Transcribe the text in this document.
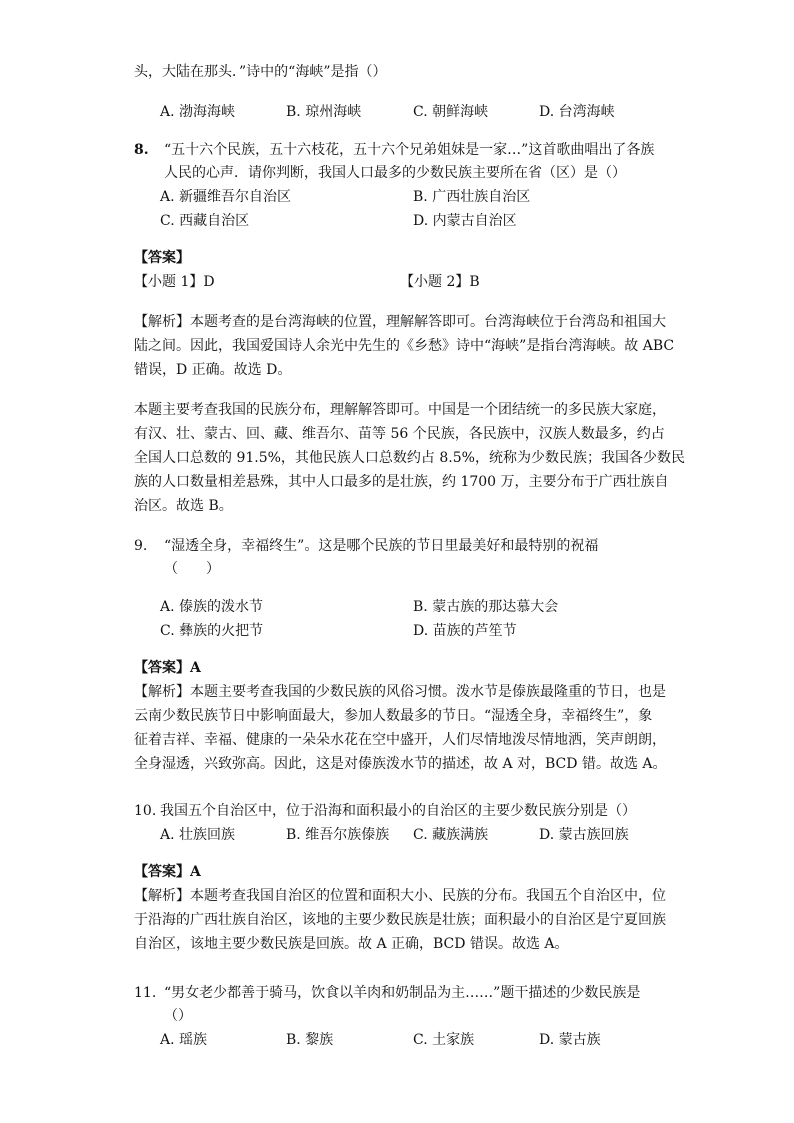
头，大陆在那头．”诗中的“海峡”是指（）
A. 渤海海峡	B. 琼州海峡	C. 朝鲜海峡	D. 台湾海峡
8. “五十六个民族，五十六枝花，五十六个兄弟姐妹是一家…”这首歌曲唱出了各族
人民的心声．请你判断，我国人口最多的少数民族主要所在省（区）是（）
A. 新疆维吾尔自治区	B. 广西壮族自治区
C. 西藏自治区	D. 内蒙古自治区
【答案】
【小题 1】D	【小题 2】B
【解析】本题考查的是台湾海峡的位置，理解解答即可。台湾海峡位于台湾岛和祖国大
陆之间。因此，我国爱国诗人余光中先生的《乡愁》诗中“海峡”是指台湾海峡。故 ABC
错误，D 正确。故选 D。
本题主要考查我国的民族分布，理解解答即可。中国是一个团结统一的多民族大家庭，
有汉、壮、蒙古、回、藏、维吾尔、苗等 56 个民族，各民族中，汉族人数最多，约占
全国人口总数的 91.5%，其他民族人口总数约占 8.5%，统称为少数民族；我国各少数民
族的人口数量相差悬殊，其中人口最多的是壮族，约 1700 万，主要分布于广西壮族自
治区。故选 B。
9. “湿透全身，幸福终生”。这是哪个民族的节日里最美好和最特别的祝福
（　　）
A. 傣族的泼水节	B. 蒙古族的那达慕大会
C. 彝族的火把节	D. 苗族的芦笙节
【答案】A
【解析】本题主要考查我国的少数民族的风俗习惯。泼水节是傣族最隆重的节日，也是
云南少数民族节日中影响面最大，参加人数最多的节日。“湿透全身，幸福终生”，象
征着吉祥、幸福、健康的一朵朵水花在空中盛开，人们尽情地泼尽情地洒，笑声朗朗，
全身湿透，兴致弥高。因此，这是对傣族泼水节的描述，故 A 对，BCD 错。故选 A。
10. 我国五个自治区中，位于沿海和面积最小的自治区的主要少数民族分别是（）
A. 壮族回族	B. 维吾尔族傣族 C. 藏族满族	D. 蒙古族回族
【答案】A
【解析】本题考查我国自治区的位置和面积大小、民族的分布。我国五个自治区中，位
于沿海的广西壮族自治区，该地的主要少数民族是壮族；面积最小的自治区是宁夏回族
自治区，该地主要少数民族是回族。故 A 正确，BCD 错误。故选 A。
11. “男女老少都善于骑马，饮食以羊肉和奶制品为主……”题干描述的少数民族是
（）
A. 瑶族	B. 黎族	C. 土家族	D. 蒙古族
